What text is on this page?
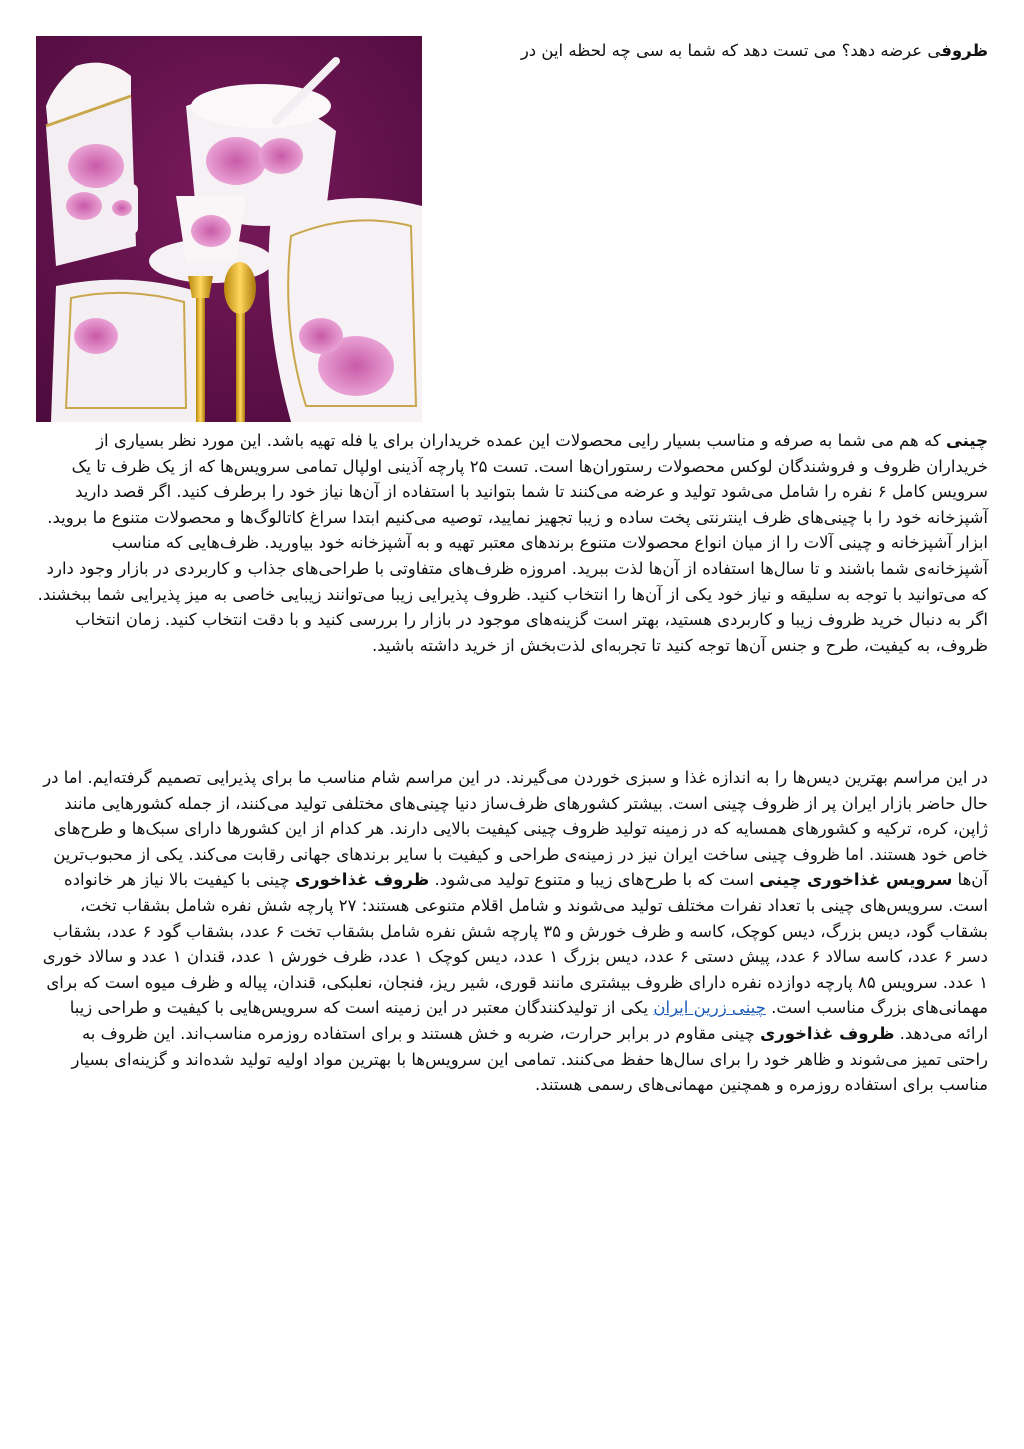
ظروفی عرضه دهد؟ می تست دهد که شما به سی چه لحظه این در
چینی که هم می شما به صرفه و مناسب بسیار رایی محصولات این عمده خریداران برای یا فله تهیه باشد. این مورد نظر بسیاری از خریداران ظروف و فروشندگان لوکس محصولات رستوران‌ها است. تست ۲۵ پارچه ‌آذینی اولپال تمامی سرویس‌ها که از یک ظرف تا یک سرویس کامل ۶ نفره را شامل می‌شود تولید و عرضه می‌کنند تا شما بتوانید با استفاده از آن‌ها نیاز خود را برطرف کنید. اگر قصد دارید آشپزخانه خود را با چینی‌های ظرف اینترنتی پخت ساده و زیبا تجهیز نمایید، توصیه می‌کنیم ابتدا سراغ کاتالوگ‌ها و محصولات متنوع ما بروید. ابزار آشپزخانه و چینی آلات را از میان انواع محصولات متنوع برند‌های معتبر تهیه و به آشپزخانه خود بیاورید. ظرف‌هایی که مناسب آشپزخانه‌ی شما باشند و تا سال‌ها استفاده از آن‌ها لذت ببرید. امروزه ظرف‌های متفاوتی با طراحی‌های جذاب و کاربردی در بازار وجود دارد که می‌توانید با توجه به سلیقه و نیاز خود یکی از آن‌ها را انتخاب کنید. ظروف پذیرایی زیبا می‌توانند زیبایی خاصی به میز پذیرایی شما ببخشند. اگر به دنبال خرید ظروف زیبا و کاربردی هستید، بهتر است گزینه‌های موجود در بازار را بررسی کنید و با دقت انتخاب کنید. زمان انتخاب ظروف، به کیفیت، طرح و جنس آن‌ها توجه کنید تا تجربه‌ای لذت‌بخش از خرید داشته باشید.
در این مراسم بهترین دیس‌ها را به اندازه غذا و سبزی خوردن می‌گیرند. در این مراسم شام مناسب ما برای پذیرایی تصمیم گرفته‌ایم. اما در حال حاضر بازار ایران پر از ظروف چینی است. بیشتر کشورهای ظرف‌ساز دنیا چینی‌های مختلفی تولید می‌کنند، از جمله کشورهایی مانند ژاپن، کره، ترکیه و کشورهای همسایه که در زمینه تولید ظروف چینی کیفیت بالایی دارند. هر کدام از این کشورها دارای سبک‌ها و طرح‌های خاص خود هستند. اما ظروف چینی ساخت ایران نیز در زمینه‌ی طراحی و کیفیت با سایر برندهای جهانی رقابت می‌کند. یکی از محبوب‌ترین آن‌ها سرویس غذاخوری چینی است که با طرح‌های زیبا و متنوع تولید می‌شود. ظروف غذاخوری چینی با کیفیت بالا نیاز هر خانواده است. سرویس‌های چینی با تعداد نفرات مختلف تولید می‌شوند و شامل اقلام متنوعی هستند: ۲۷ پارچه شش نفره شامل بشقاب تخت، بشقاب گود، دیس بزرگ، دیس کوچک، کاسه و ظرف خورش و ۳۵ پارچه شش نفره شامل بشقاب تخت ۶ عدد، بشقاب گود ۶ عدد، بشقاب دسر ۶ عدد، کاسه سالاد ۶ عدد، پیش دستی ۶ عدد، دیس بزرگ ۱ عدد، دیس کوچک ۱ عدد، ظرف خورش ۱ عدد، قندان ۱ عدد و سالاد خوری ۱ عدد. سرویس ۸۵ پارچه دوازده نفره دارای ظروف بیشتری مانند قوری، شیر ریز، فنجان، نعلبکی، قندان، پیاله و ظرف میوه است که برای مهمانی‌های بزرگ مناسب است. چینی زرین ایران یکی از تولیدکنندگان معتبر در این زمینه است که سرویس‌هایی با کیفیت و طراحی زیبا ارائه می‌دهد. ظروف غذاخوری چینی مقاوم در برابر حرارت، ضربه و خش هستند و برای استفاده روزمره مناسب‌اند. این ظروف به راحتی تمیز می‌شوند و ظاهر خود را برای سال‌ها حفظ می‌کنند. تمامی این سرویس‌ها با بهترین مواد اولیه تولید شده‌اند و گزینه‌ای بسیار مناسب برای استفاده روزمره و همچنین مهمانی‌های رسمی هستند.
